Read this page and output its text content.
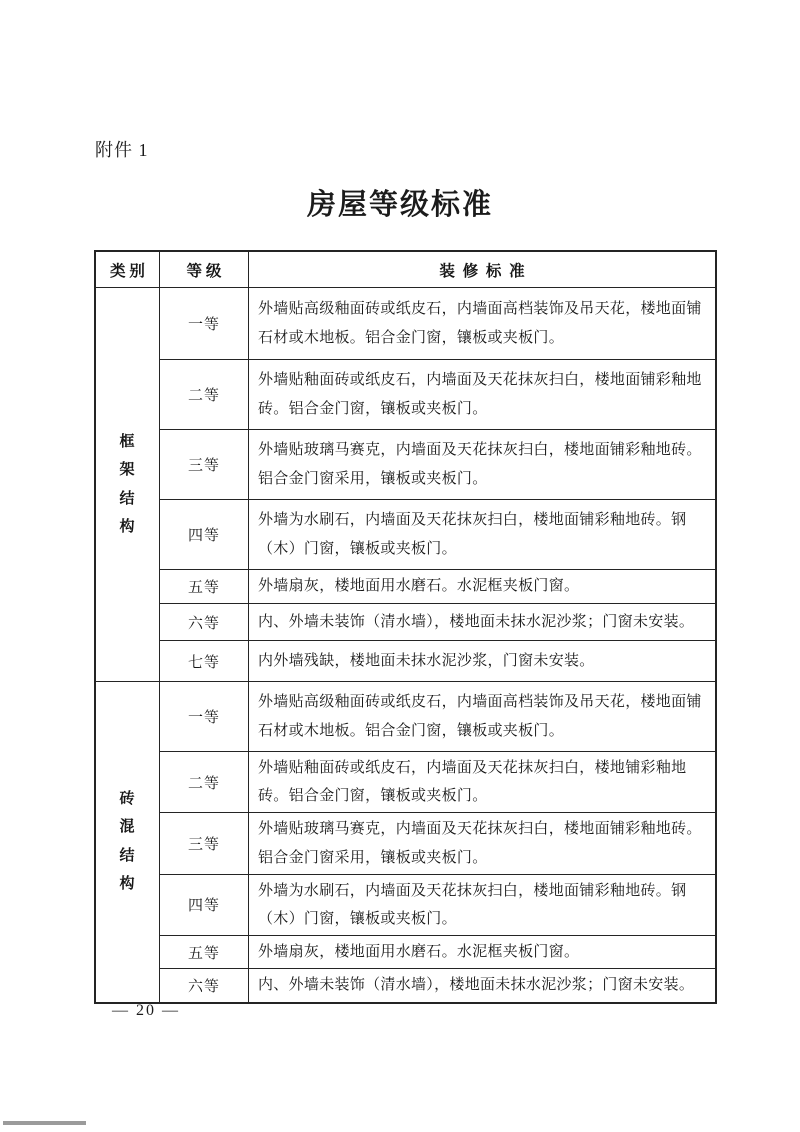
附件 1
房屋等级标准
类 别	等 级	装  修  标  准
框架结构	一等	外墙贴高级釉面砖或纸皮石，内墙面高档装饰及吊天花，楼地面铺石材或木地板。铝合金门窗，镶板或夹板门。
	二等	外墙贴釉面砖或纸皮石，内墙面及天花抹灰扫白，楼地面铺彩釉地砖。铝合金门窗，镶板或夹板门。
	三等	外墙贴玻璃马赛克，内墙面及天花抹灰扫白，楼地面铺彩釉地砖。铝合金门窗采用，镶板或夹板门。
	四等	外墙为水刷石，内墙面及天花抹灰扫白，楼地面铺彩釉地砖。钢（木）门窗，镶板或夹板门。
	五等	外墙扇灰，楼地面用水磨石。水泥框夹板门窗。
	六等	内、外墙未装饰（清水墙），楼地面未抹水泥沙浆；门窗未安装。
	七等	内外墙残缺，楼地面未抹水泥沙浆，门窗未安装。
砖混结构	一等	外墙贴高级釉面砖或纸皮石，内墙面高档装饰及吊天花，楼地面铺石材或木地板。铝合金门窗，镶板或夹板门。
	二等	外墙贴釉面砖或纸皮石，内墙面及天花抹灰扫白，楼地铺彩釉地砖。铝合金门窗，镶板或夹板门。
	三等	外墙贴玻璃马赛克，内墙面及天花抹灰扫白，楼地面铺彩釉地砖。铝合金门窗采用，镶板或夹板门。
	四等	外墙为水刷石，内墙面及天花抹灰扫白，楼地面铺彩釉地砖。钢（木）门窗，镶板或夹板门。
	五等	外墙扇灰，楼地面用水磨石。水泥框夹板门窗。
	六等	内、外墙未装饰（清水墙），楼地面未抹水泥沙浆；门窗未安装。
— 20 —
